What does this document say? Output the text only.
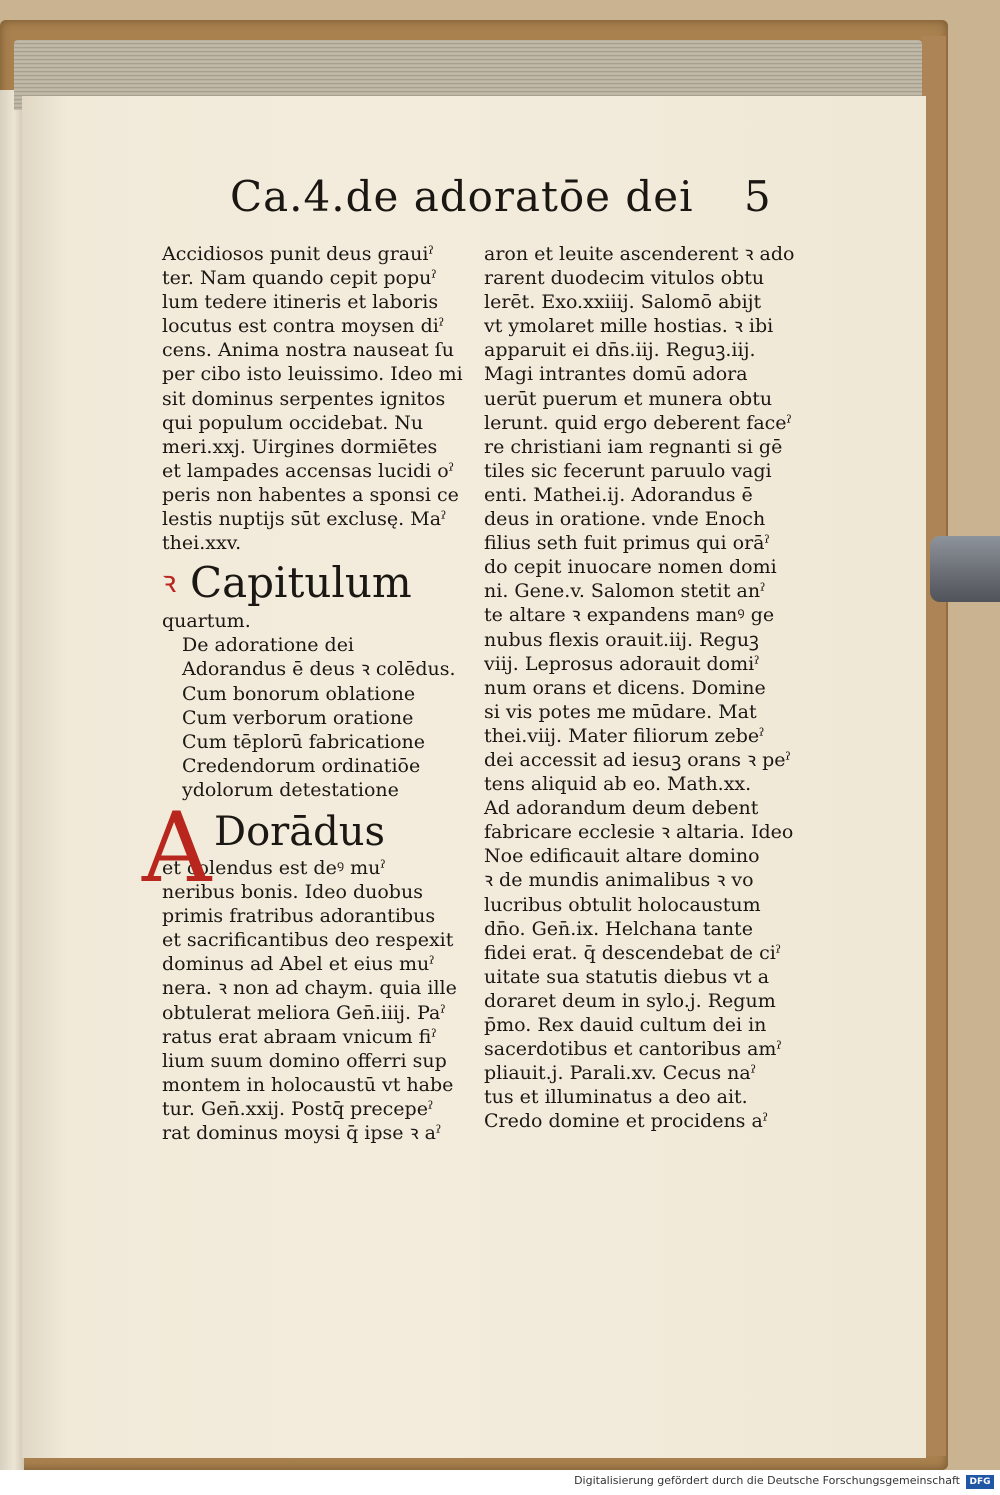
Ca.4.de adoratōe dei 5
Accidiosos punit deus grauiˀ
ter. Nam quando cepit popuˀ
lum tedere itineris et laboris
locutus est contra moysen diˀ
cens. Anima nostra nauseat ſu
per cibo isto leuissimo. Ideo mi
sit dominus serpentes ignitos
qui populum occidebat. Nu
meri.xxj. Uirgines dormiētes
et lampades accensas lucidi oˀ
peris non habentes a sponsi ce
lestis nuptijs sūt exclusę. Maˀ
thei.xxv.
ꝛ Capitulum
quartum.
De adoratione dei
Adorandus ē deus ꝛ colēdus.
Cum bonorum oblatione
Cum verborum oratione
Cum tēplorū fabricatione
Credendorum ordinatiōe
ydolorum detestatione
A Dorādus
et colendus est deꝰ muˀ
neribus bonis. Ideo duobus
primis fratribus adorantibus
et sacrificantibus deo respexit
dominus ad Abel et eius muˀ
nera. ꝛ non ad chaym. quia ille
obtulerat meliora Gen̄.iiij. Paˀ
ratus erat abraam vnicum fiˀ
lium suum domino offerri sup
montem in holocaustū vt habe
tur. Gen̄.xxij. Postq̄ precepeˀ
rat dominus moysi q̄ ipse ꝛ aˀ
aron et leuite ascenderent ꝛ ado
rarent duodecim vitulos obtu
lerēt. Exo.xxiiij. Salomō abijt
vt ymolaret mille hostias. ꝛ ibi
apparuit ei dn̄s.iij. Reguꝫ.iij.
Magi intrantes domū adora
uerūt puerum et munera obtu
lerunt. quid ergo deberent faceˀ
re christiani iam regnanti si gē
tiles sic fecerunt paruulo vagi
enti. Mathei.ij. Adorandus ē
deus in oratione. vnde Enoch
filius seth fuit primus qui orāˀ
do cepit inuocare nomen domi
ni. Gene.v. Salomon stetit anˀ
te altare ꝛ expandens manꝰ ge
nubus flexis orauit.iij. Reguꝫ
viij. Leprosus adorauit domiˀ
num orans et dicens. Domine
si vis potes me mūdare. Mat
thei.viij. Mater filiorum zebeˀ
dei accessit ad iesuꝫ orans ꝛ peˀ
tens aliquid ab eo. Math.xx.
Ad adorandum deum debent
fabricare ecclesie ꝛ altaria. Ideo
Noe edificauit altare domino
ꝛ de mundis animalibus ꝛ vo
lucribus obtulit holocaustum
dn̄o. Gen̄.ix. Helchana tante
fidei erat. q̄ descendebat de ciˀ
uitate sua statutis diebus vt a
doraret deum in sylo.j. Regum
p̄mo. Rex dauid cultum dei in
sacerdotibus et cantoribus amˀ
pliauit.j. Parali.xv. Cecus naˀ
tus et illuminatus a deo ait.
Credo domine et procidens aˀ
Digitalisierung gefördert durch die Deutsche Forschungsgemeinschaft	DFG
